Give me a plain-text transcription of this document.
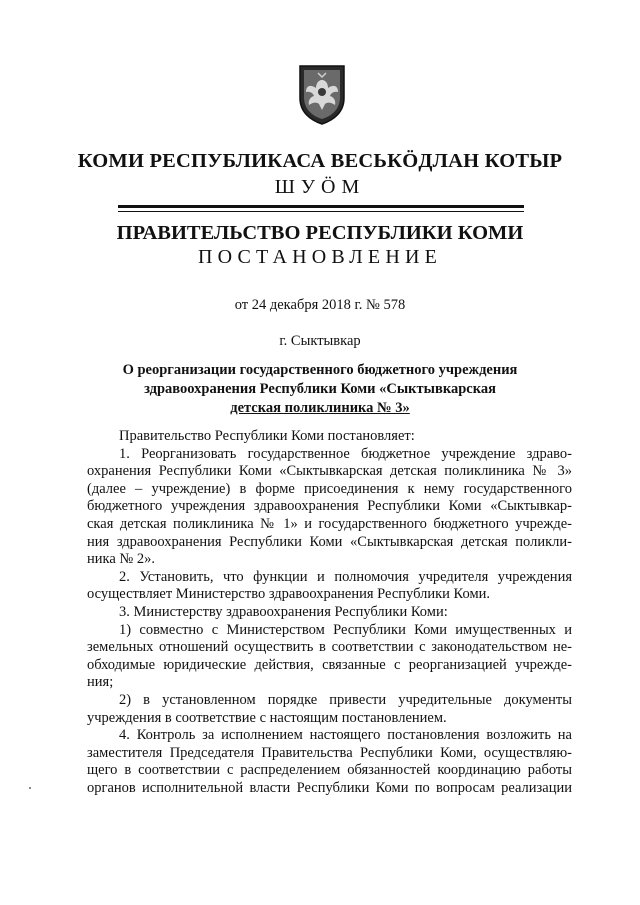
КОМИ РЕСПУБЛИКАСА ВЕСЬКӦДЛАН КОТЫР
ШУӦМ
ПРАВИТЕЛЬСТВО РЕСПУБЛИКИ КОМИ
ПОСТАНОВЛЕНИЕ
от 24 декабря 2018 г. № 578
г. Сыктывкар
О реорганизации государственного бюджетного учреждения
здравоохранения Республики Коми «Сыктывкарская
детская поликлиника № 3»
Правительство Республики Коми постановляет:
1. Реорганизовать государственное бюджетное учреждение здраво-
охранения Республики Коми «Сыктывкарская детская поликлиника № 3»
(далее – учреждение) в форме присоединения к нему государственного
бюджетного учреждения здравоохранения Республики Коми «Сыктывкар-
ская детская поликлиника № 1» и государственного бюджетного учрежде-
ния здравоохранения Республики Коми «Сыктывкарская детская поликли-
ника № 2».
2. Установить, что функции и полномочия учредителя учреждения
осуществляет Министерство здравоохранения Республики Коми.
3. Министерству здравоохранения Республики Коми:
1) совместно с Министерством Республики Коми имущественных и
земельных отношений осуществить в соответствии с законодательством не-
обходимые юридические действия, связанные с реорганизацией учрежде-
ния;
2) в установленном порядке привести учредительные документы
учреждения в соответствие с настоящим постановлением.
4. Контроль за исполнением настоящего постановления возложить на
заместителя Председателя Правительства Республики Коми, осуществляю-
щего в соответствии с распределением обязанностей координацию работы
органов исполнительной власти Республики Коми по вопросам реализации
